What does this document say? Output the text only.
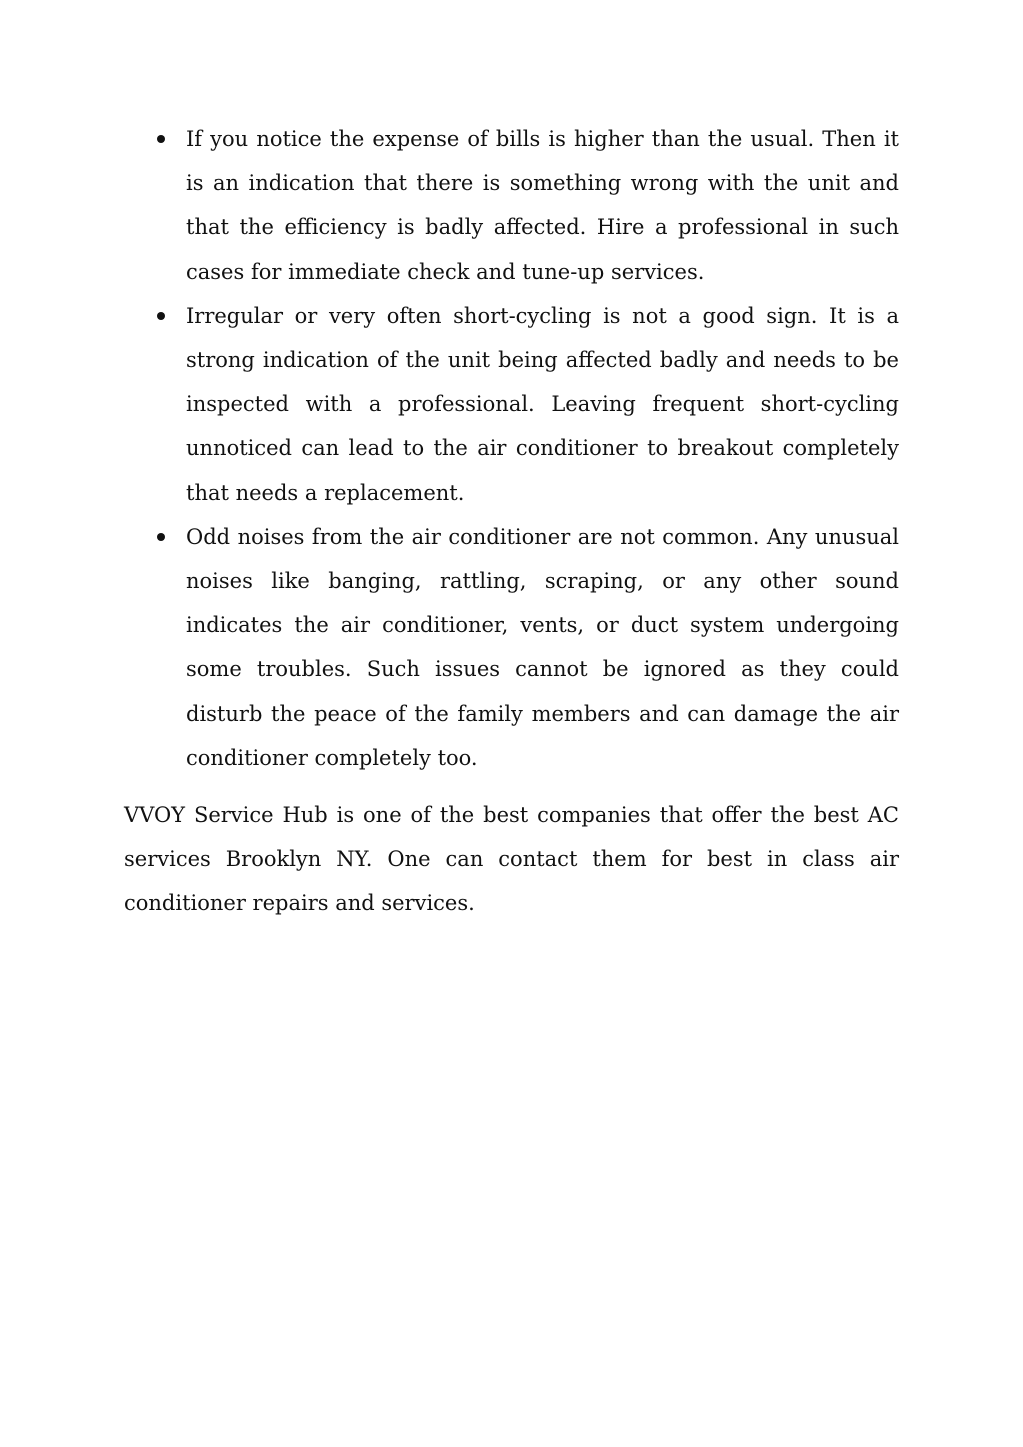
If you notice the expense of bills is higher than the usual. Then it is an indication that there is something wrong with the unit and that the efficiency is badly affected. Hire a professional in such cases for immediate check and tune-up services.
Irregular or very often short-cycling is not a good sign. It is a strong indication of the unit being affected badly and needs to be inspected with a professional. Leaving frequent short-cycling unnoticed can lead to the air conditioner to breakout completely that needs a replacement.
Odd noises from the air conditioner are not common. Any unusual noises like banging, rattling, scraping, or any other sound indicates the air conditioner, vents, or duct system undergoing some troubles. Such issues cannot be ignored as they could disturb the peace of the family members and can damage the air conditioner completely too.

VVOY Service Hub is one of the best companies that offer the best AC services Brooklyn NY. One can contact them for best in class air conditioner repairs and services.
